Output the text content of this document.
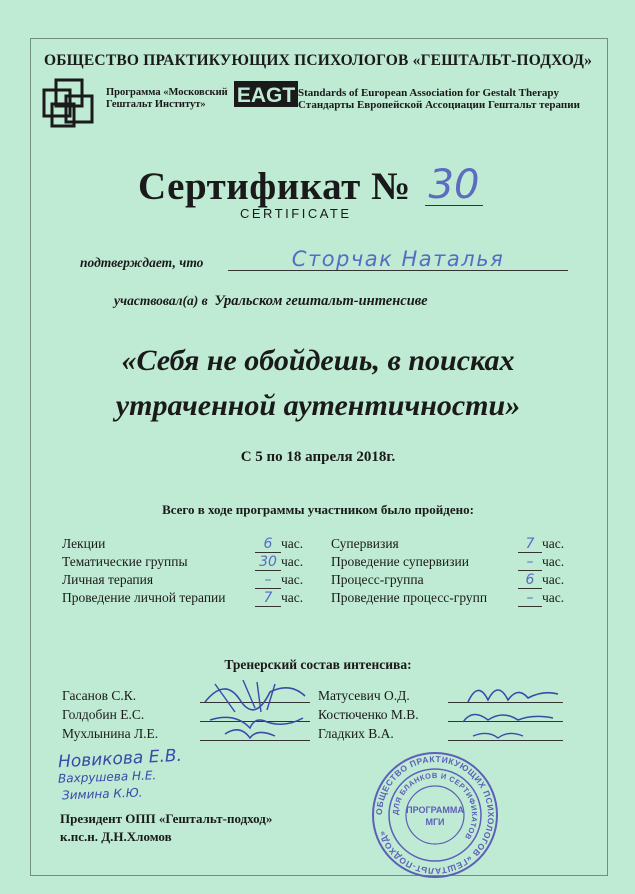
ОБЩЕСТВО ПРАКТИКУЮЩИХ ПСИХОЛОГОВ «ГЕШТАЛЬТ-ПОДХОД»
Программа «Московский
Гештальт Институт»	EAGT Standards of European Association for Gestalt Therapy
Стандарты Европейской Ассоциации Гештальт терапии
Сертификат № 30
CERTIFICATE
подтверждает, что	Сторчак Наталья
участвовал(а) в Уральском гештальт-интенсиве
«Себя не обойдешь, в поисках
утраченной аутентичности»
С 5 по 18 апреля 2018г.
Всего в ходе программы участником было пройдено:
Лекции	6 час.
Тематические группы	30 час.
Личная терапия	– час.
Проведение личной терапии	7 час.
Супервизия	7 час.
Проведение супервизии	– час.
Процесс-группа	6 час.
Проведение процесс-групп	– час.
Тренерский состав интенсива:
Гасанов С.К.
Голдобин Е.С.
Мухлынина Л.Е.
Матусевич О.Д.
Костюченко М.В.
Гладких В.А.
Новикова Е.В.
Вахрушева Н.Е.
Зимина К.Ю.
ОБЩЕСТВО ПРАКТИКУЮЩИХ ПСИХОЛОГОВ «ГЕШТАЛЬТ-ПОДХОД»
ДЛЯ БЛАНКОВ И СЕРТИФИКАТОВ
ПРОГРАММА
МГИ
Президент ОПП «Гештальт-подход»
к.пс.н. Д.Н.Хломов
